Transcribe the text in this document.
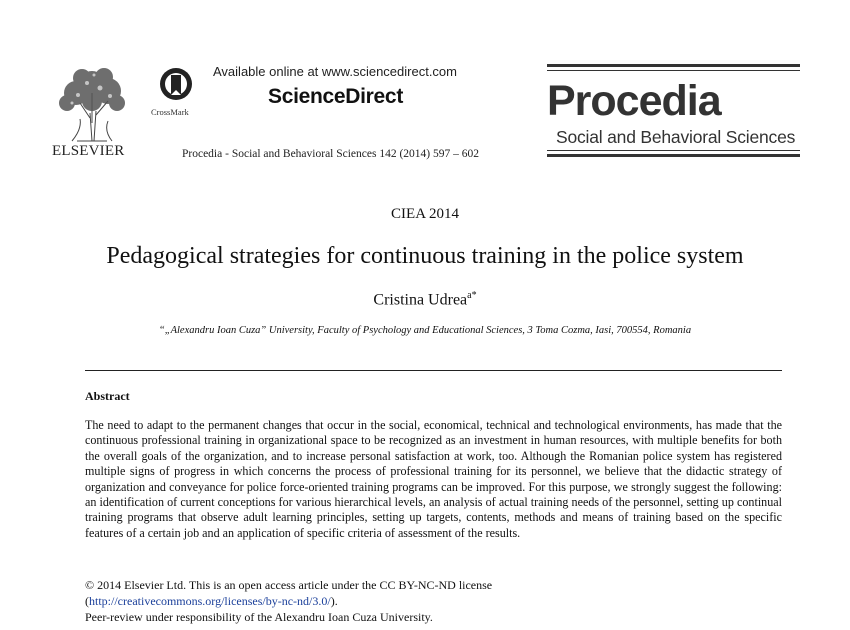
ELSEVIER
CrossMark
Available online at www.sciencedirect.com
ScienceDirect
Procedia - Social and Behavioral Sciences 142 (2014) 597 – 602
Procedia
Social and Behavioral Sciences
CIEA 2014
Pedagogical strategies for continuous training in the police system
Cristina Udrea$^{a*}$
“„Alexandru Ioan Cuza” University, Faculty of Psychology and Educational Sciences, 3 Toma Cozma, Iasi, 700554, Romania
Abstract
The need to adapt to the permanent changes that occur in the social, economical, technical and technological environments, has made that the continuous professional training in organizational space to be recognized as an investment in human resources, with multiple benefits for both the overall goals of the organization, and to increase personal satisfaction at work, too. Although the Romanian police system has registered multiple signs of progress in which concerns the process of professional training for its personnel, we believe that the didactic strategy of organization and conveyance for police force-oriented training programs can be improved. For this purpose, we strongly suggest the following: an identification of current conceptions for various hierarchical levels, an analysis of actual training needs of the personnel, setting up continual training programs that observe adult learning principles, setting up targets, contents, methods and means of training based on the specific features of a certain job and an application of specific criteria of assessment of the results.
© 2014 Elsevier Ltd. This is an open access article under the CC BY-NC-ND license
(http://creativecommons.org/licenses/by-nc-nd/3.0/).
Peer-review under responsibility of the Alexandru Ioan Cuza University.
